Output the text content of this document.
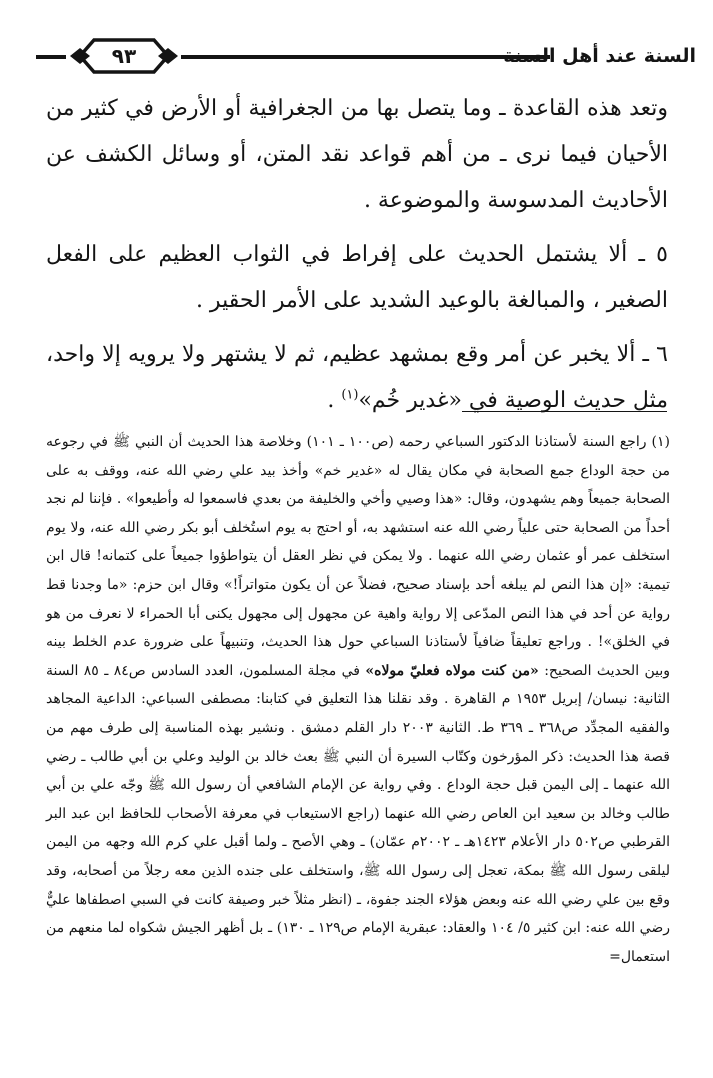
٩٣	السنة عند أهل السنة

وتعد هذه القاعدة ـ وما يتصل بها من الجغرافية أو الأرض في كثير من الأحيان فيما نرى ـ من أهم قواعد نقد المتن، أو وسائل الكشف عن الأحاديث المدسوسة والموضوعة .

٥ ـ ألا يشتمل الحديث على إفراط في الثواب العظيم على الفعل الصغير ، والمبالغة بالوعيد الشديد على الأمر الحقير .

٦ ـ ألا يخبر عن أمر وقع بمشهد عظيم، ثم لا يشتهر ولا يرويه إلا واحد، مثل حديث الوصية في «غدير خُم»$^{(١)}$ .

(١) راجع السنة لأستاذنا الدكتور السباعي رحمه (ص١٠٠ ـ ١٠١) وخلاصة هذا الحديث أن النبي ﷺ في رجوعه من حجة الوداع جمع الصحابة في مكان يقال له «غدير خم» وأخذ بيد علي رضي الله عنه، ووقف به على الصحابة جميعاً وهم يشهدون، وقال: «هذا وصيي وأخي والخليفة من بعدي فاسمعوا له وأطيعوا» . فإننا لم نجد أحداً من الصحابة حتى علياً رضي الله عنه استشهد به، أو احتج به يوم استُخلف أبو بكر رضي الله عنه، ولا يوم استخلف عمر أو عثمان رضي الله عنهما . ولا يمكن في نظر العقل أن يتواطؤوا جميعاً على كتمانه! قال ابن تيمية: «إن هذا النص لم يبلغه أحد بإسناد صحيح، فضلاً عن أن يكون متواتراً!» وقال ابن حزم: «ما وجدنا قط رواية عن أحد في هذا النص المدّعى إلا رواية واهية عن مجهول إلى مجهول يكنى أبا الحمراء لا نعرف من هو في الخلق»! . وراجع تعليقاً ضافياً لأستاذنا السباعي حول هذا الحديث، وتنبيهاً على ضرورة عدم الخلط بينه وبين الحديث الصحيح: «من كنت مولاه فعليّ مولاه» في مجلة المسلمون، العدد السادس ص٨٤ ـ ٨٥ السنة الثانية: نيسان/ إبريل ١٩٥٣ م القاهرة . وقد نقلنا هذا التعليق في كتابنا: مصطفى السباعي: الداعية المجاهد والفقيه المجدِّد ص٣٦٨ ـ ٣٦٩ ط. الثانية ٢٠٠٣ دار القلم دمشق . ونشير بهذه المناسبة إلى طرف مهم من قصة هذا الحديث: ذكر المؤرخون وكتّاب السيرة أن النبي ﷺ بعث خالد بن الوليد وعلي بن أبي طالب ـ رضي الله عنهما ـ إلى اليمن قبل حجة الوداع . وفي رواية عن الإمام الشافعي أن رسول الله ﷺ وجّه علي بن أبي طالب وخالد بن سعيد ابن العاص رضي الله عنهما (راجع الاستيعاب في معرفة الأصحاب للحافظ ابن عبد البر القرطبي ص٥٠٢ دار الأعلام ١٤٢٣هـ ـ ٢٠٠٢م عمّان) ـ وهي الأصح ـ ولما أقبل علي كرم الله وجهه من اليمن ليلقى رسول الله ﷺ بمكة، تعجل إلى رسول الله ﷺ، واستخلف على جنده الذين معه رجلاً من أصحابه، وقد وقع بين علي رضي الله عنه وبعض هؤلاء الجند جفوة، ـ (انظر مثلاً خبر وصيفة كانت في السبي اصطفاها عليٌّ رضي الله عنه: ابن كثير ٥/ ١٠٤ والعقاد: عبقرية الإمام ص١٢٩ ـ ١٣٠) ـ بل أظهر الجيش شكواه لما منعهم من استعمال=
